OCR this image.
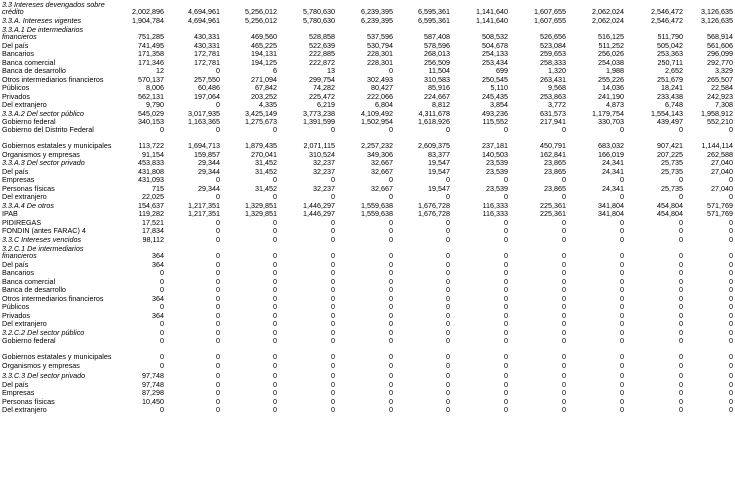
3.3 Intereses devengados sobre crédito	2,002,896	4,694,961	5,256,012	5,780,630	6,239,395	6,595,361	1,141,640	1,607,655	2,062,024	2,546,472	3,126,635
3.3.A. Intereses vigentes	1,904,784	4,694,961	5,256,012	5,780,630	6,239,395	6,595,361	1,141,640	1,607,655	2,062,024	2,546,472	3,126,635
3.3.A.1 De intermediarios financieros	751,285	430,331	469,560	528,858	537,596	587,408	508,532	526,656	516,125	511,790	568,914
Del país	741,495	430,331	465,225	522,639	530,794	578,596	504,678	523,084	511,252	505,042	561,606
Bancarios	171,358	172,781	194,131	222,885	228,301	268,013	254,133	259,653	256,026	253,363	296,099
Banca comercial	171,346	172,781	194,125	222,872	228,301	256,509	253,434	258,333	254,038	250,711	292,770
Banca de desarrollo	12	0	6	13	0	11,504	699	1,320	1,988	2,652	3,329
Otros intermediarios financieros	570,137	257,550	271,094	299,754	302,493	310,583	250,545	263,431	255,226	251,679	265,507
Públicos	8,006	60,486	67,842	74,282	80,427	85,916	5,110	9,568	14,036	18,241	22,584
Privados	562,131	197,064	203,252	225,472	222,066	224,667	245,435	253,863	241,190	233,438	242,923
Del extranjero	9,790	0	4,335	6,219	6,804	8,812	3,854	3,772	4,873	6,748	7,308
3.3.A.2 Del sector público	545,029	3,017,935	3,425,149	3,773,238	4,109,492	4,311,678	493,236	631,573	1,179,754	1,554,143	1,958,912
Gobierno federal	340,153	1,163,365	1,275,673	1,391,599	1,502,954	1,618,926	115,552	217,941	330,703	439,497	552,210
Gobierno del Distrito Federal	0	0	0	0	0	0	0	0	0	0	0
Gobiernos estatales y municipales	113,722	1,694,713	1,879,435	2,071,115	2,257,232	2,609,375	237,181	450,791	683,032	907,421	1,144,114
Organismos y empresas	91,154	159,857	270,041	310,524	349,306	83,377	140,503	162,841	166,019	207,225	262,588
3.3.A.3 Del sector privado	453,833	29,344	31,452	32,237	32,667	19,547	23,539	23,865	24,341	25,735	27,040
Del país	431,808	29,344	31,452	32,237	32,667	19,547	23,539	23,865	24,341	25,735	27,040
Empresas	431,093	0	0	0	0	0	0	0	0	0	0
Personas físicas	715	29,344	31,452	32,237	32,667	19,547	23,539	23,865	24,341	25,735	27,040
Del extranjero	22,025	0	0	0	0	0	0	0	0	0	0
3.3.A.4 De otros	154,637	1,217,351	1,329,851	1,446,297	1,559,638	1,676,728	116,333	225,361	341,804	454,804	571,769
IPAB	119,282	1,217,351	1,329,851	1,446,297	1,559,638	1,676,728	116,333	225,361	341,804	454,804	571,769
PIDIREGAS	17,521	0	0	0	0	0	0	0	0	0	0
FONDIN (antes FARAC) 4	17,834	0	0	0	0	0	0	0	0	0	0
3.3.C Intereses vencidos	98,112	0	0	0	0	0	0	0	0	0	0
3.2.C.1 De intermediarios financieros	364	0	0	0	0	0	0	0	0	0	0
Del país	364	0	0	0	0	0	0	0	0	0	0
Bancarios	0	0	0	0	0	0	0	0	0	0	0
Banca comercial	0	0	0	0	0	0	0	0	0	0	0
Banca de desarrollo	0	0	0	0	0	0	0	0	0	0	0
Otros intermediarios financieros	364	0	0	0	0	0	0	0	0	0	0
Públicos	0	0	0	0	0	0	0	0	0	0	0
Privados	364	0	0	0	0	0	0	0	0	0	0
Del extranjero	0	0	0	0	0	0	0	0	0	0	0
3.2.C.2 Del sector público	0	0	0	0	0	0	0	0	0	0	0
Gobierno federal	0	0	0	0	0	0	0	0	0	0	0
Gobiernos estatales y municipales	0	0	0	0	0	0	0	0	0	0	0
Organismos y empresas	0	0	0	0	0	0	0	0	0	0	0
3.3.C.3 Del sector privado	97,748	0	0	0	0	0	0	0	0	0	0
Del país	97,748	0	0	0	0	0	0	0	0	0	0
Empresas	87,298	0	0	0	0	0	0	0	0	0	0
Personas físicas	10,450	0	0	0	0	0	0	0	0	0	0
Del extranjero	0	0	0	0	0	0	0	0	0	0	0
